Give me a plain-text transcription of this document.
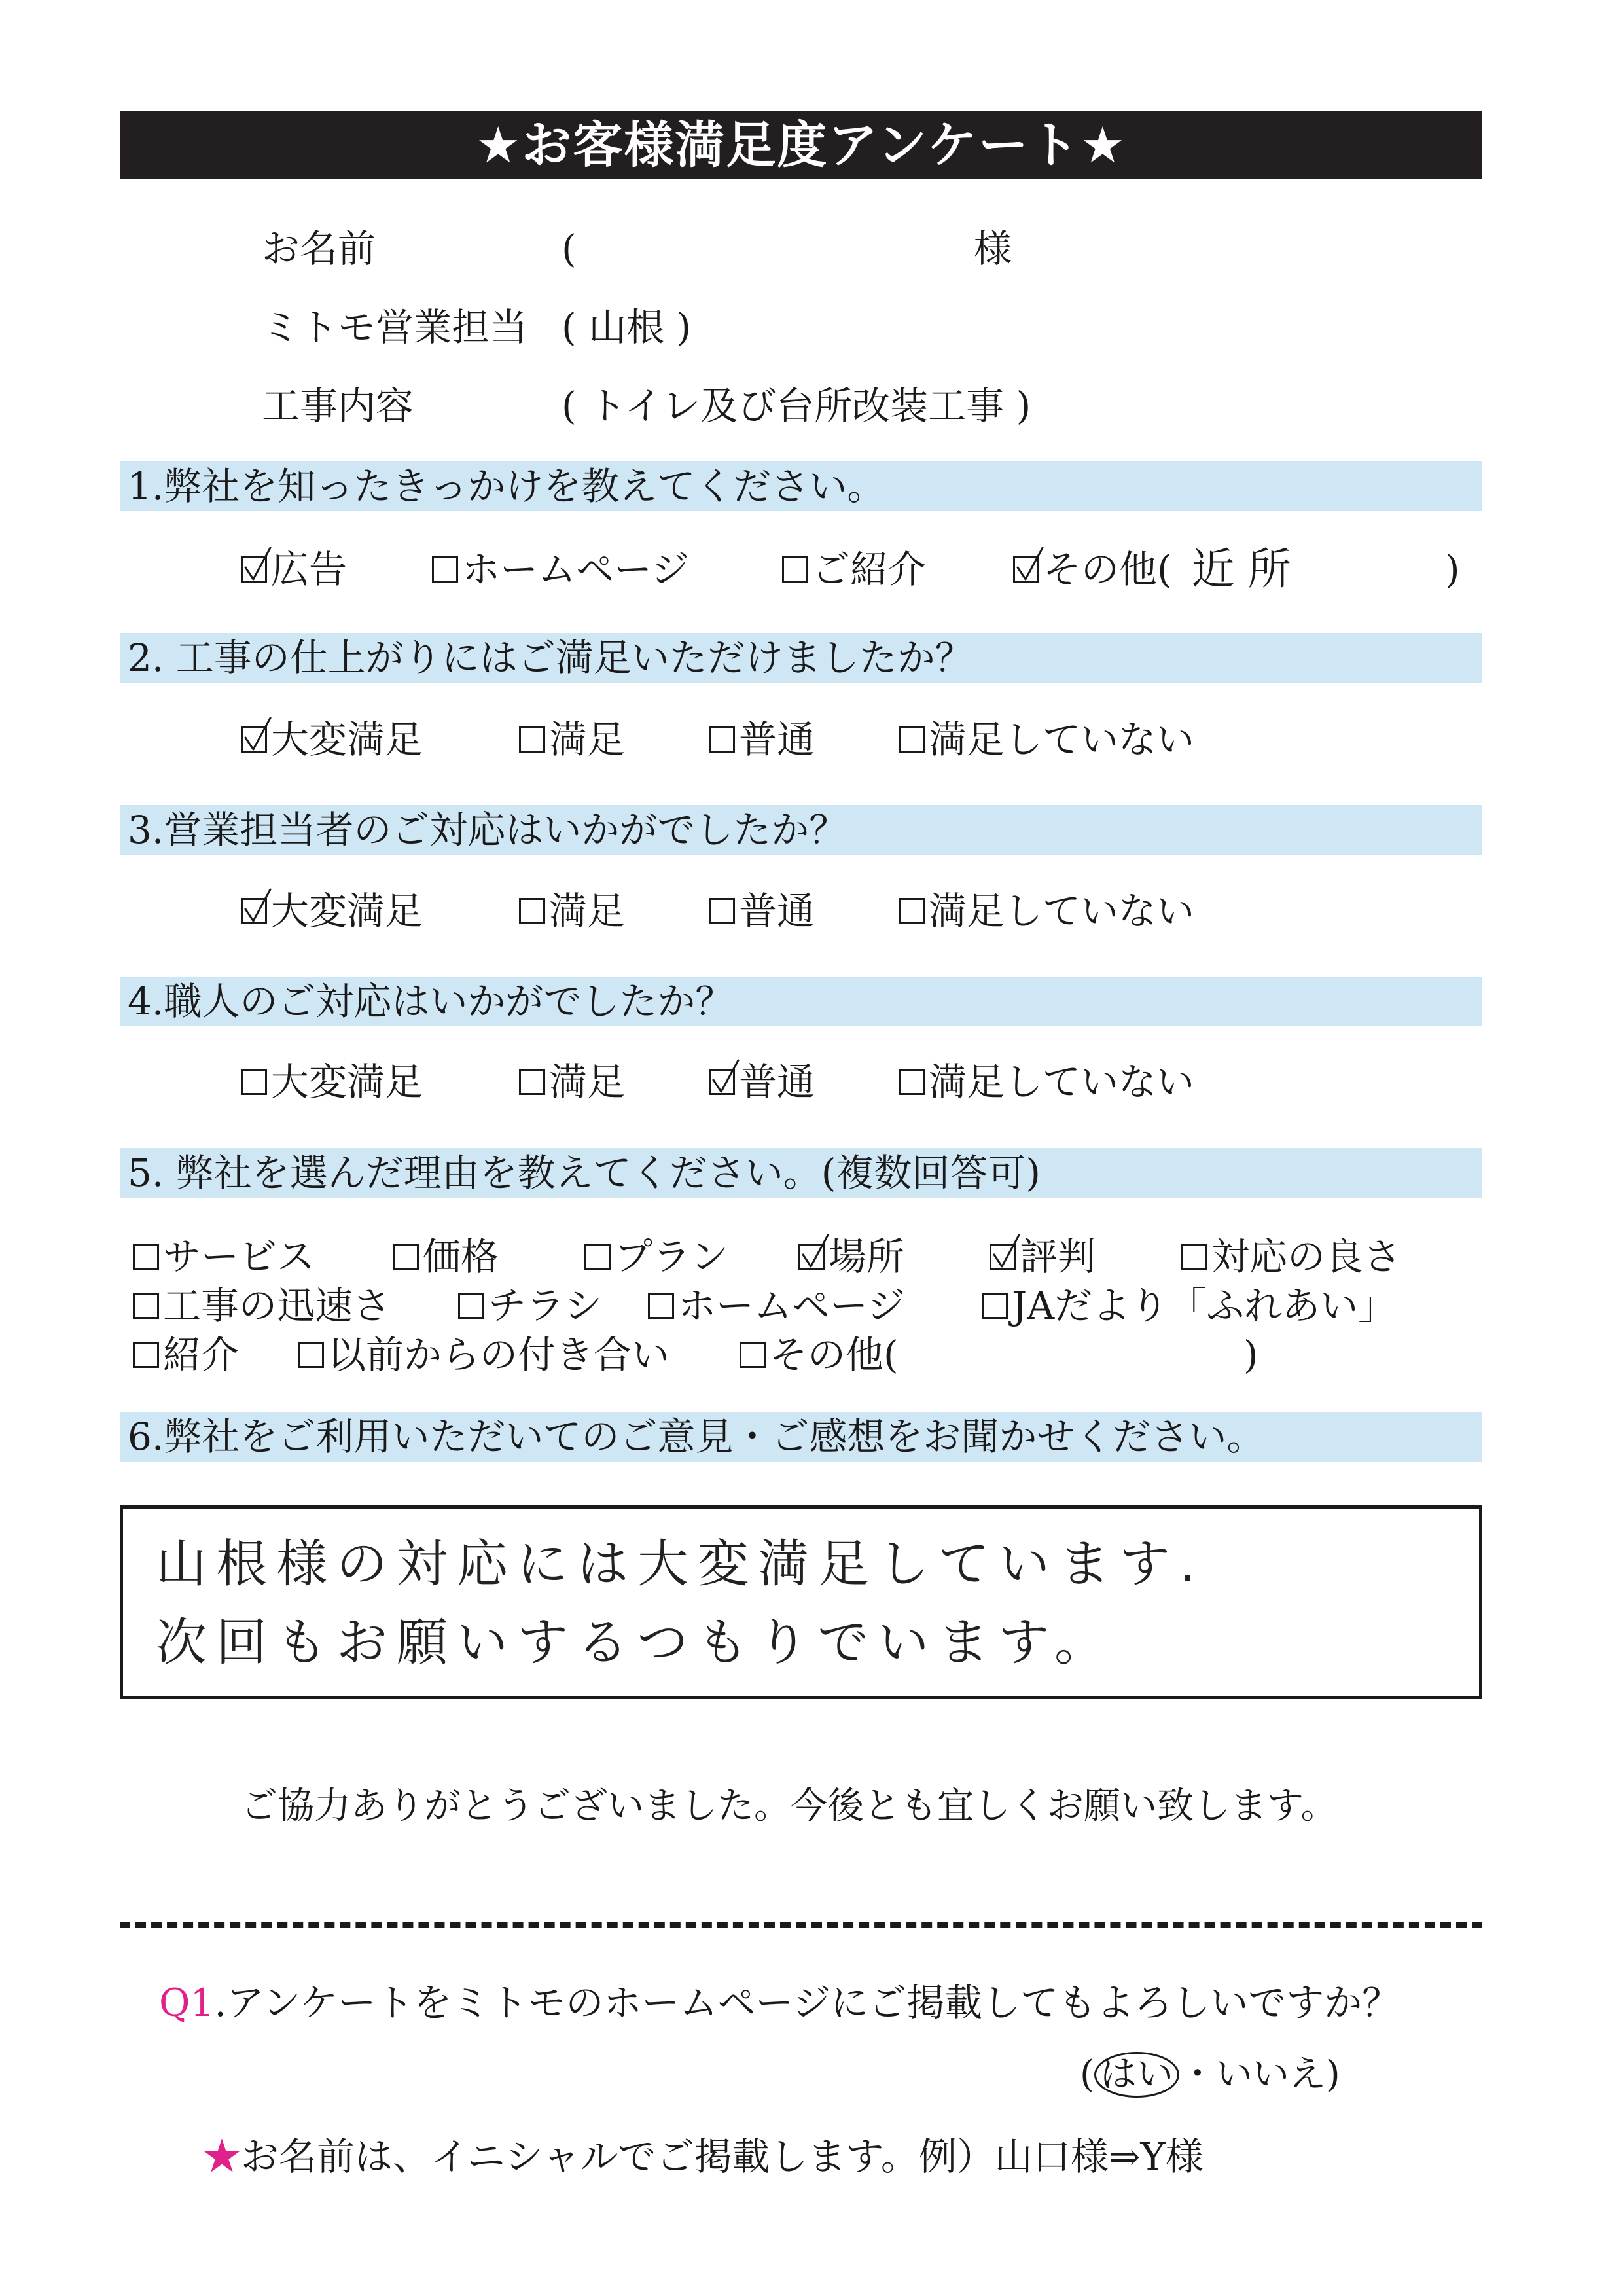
★お客様満足度アンケート★
お名前	(	様
ミトモ営業担当 ( 山根 )
工事内容	( トイレ及び台所改装工事 )
1.弊社を知ったきっかけを教えてください。
広告	ホームページ	ご紹介	その他( 近所	)
2. 工事の仕上がりにはご満足いただけましたか？
大変満足	満足	普通	満足していない
3.営業担当者のご対応はいかがでしたか？
大変満足	満足	普通	満足していない
4.職人のご対応はいかがでしたか？
大変満足	満足	普通	満足していない
5. 弊社を選んだ理由を教えてください。(複数回答可)
サービス	価格	プラン	場所	評判	対応の良さ
工事の迅速さ	チラシ ホームページ	JAだより「ふれあい」
紹介 以前からの付き合い	その他(	)
6.弊社をご利用いただいてのご意見・ご感想をお聞かせください。
山根様の対応には大変満足しています.
次回もお願いするつもりでいます。
ご協力ありがとうございました。今後とも宜しくお願い致します。
Q1.アンケートをミトモのホームページにご掲載してもよろしいですか？
( はい ・いいえ)
★お名前は、イニシャルでご掲載します。例）山口様⇒Y様
